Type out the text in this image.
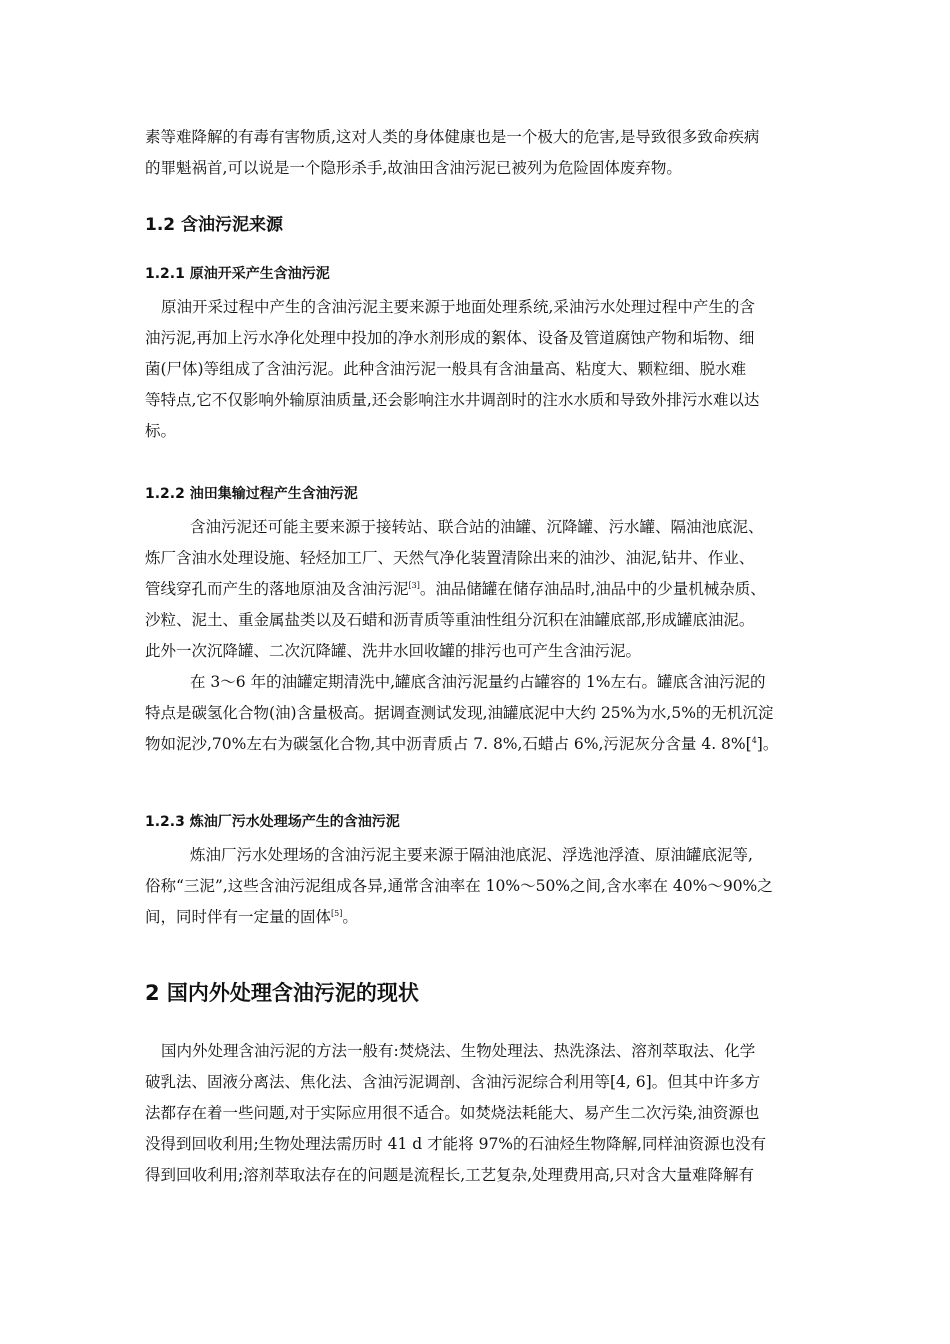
素等难降解的有毒有害物质,这对人类的身体健康也是一个极大的危害,是导致很多致命疾病
的罪魁祸首,可以说是一个隐形杀手,故油田含油污泥已被列为危险固体废弃物。

1.2 含油污泥来源
1.2.1 原油开采产生含油污泥

原油开采过程中产生的含油污泥主要来源于地面处理系统,采油污水处理过程中产生的含
油污泥,再加上污水净化处理中投加的净水剂形成的絮体、设备及管道腐蚀产物和垢物、细
菌(尸体)等组成了含油污泥。此种含油污泥一般具有含油量高、粘度大、颗粒细、脱水难
等特点,它不仅影响外输原油质量,还会影响注水井调剖时的注水水质和导致外排污水难以达
标。

1.2.2 油田集输过程产生含油污泥

含油污泥还可能主要来源于接转站、联合站的油罐、沉降罐、污水罐、隔油池底泥、
炼厂含油水处理设施、轻烃加工厂、天然气净化装置清除出来的油沙、油泥,钻井、作业、
管线穿孔而产生的落地原油及含油污泥[3]。油品储罐在储存油品时,油品中的少量机械杂质、
沙粒、泥土、重金属盐类以及石蜡和沥青质等重油性组分沉积在油罐底部,形成罐底油泥。
此外一次沉降罐、二次沉降罐、洗井水回收罐的排污也可产生含油污泥。

在 3～6 年的油罐定期清洗中,罐底含油污泥量约占罐容的 1%左右。罐底含油污泥的
特点是碳氢化合物(油)含量极高。据调查测试发现,油罐底泥中大约 25%为水,5%的无机沉淀
物如泥沙,70%左右为碳氢化合物,其中沥青质占 7. 8%,石蜡占 6%,污泥灰分含量 4. 8%[$^4$]。

1.2.3 炼油厂污水处理场产生的含油污泥

炼油厂污水处理场的含油污泥主要来源于隔油池底泥、浮选池浮渣、原油罐底泥等,
俗称“三泥”,这些含油污泥组成各异,通常含油率在 10%～50%之间,含水率在 40%～90%之
间，同时伴有一定量的固体[5]。

2 国内外处理含油污泥的现状

国内外处理含油污泥的方法一般有:焚烧法、生物处理法、热洗涤法、溶剂萃取法、化学
破乳法、固液分离法、焦化法、含油污泥调剖、含油污泥综合利用等[4, 6]。但其中许多方
法都存在着一些问题,对于实际应用很不适合。如焚烧法耗能大、易产生二次污染,油资源也
没得到回收利用;生物处理法需历时 41 d 才能将 97%的石油烃生物降解,同样油资源也没有
得到回收利用;溶剂萃取法存在的问题是流程长,工艺复杂,处理费用高,只对含大量难降解有
